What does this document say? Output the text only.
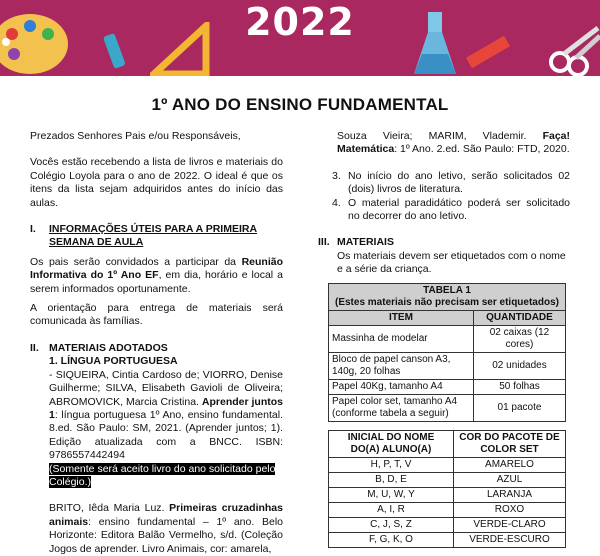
2022
1º ANO DO ENSINO FUNDAMENTAL

Prezados Senhores Pais e/ou Responsáveis,

Vocês estão recebendo a lista de livros e materiais do Colégio Loyola para o ano de 2022. O ideal é que os itens da lista sejam adquiridos antes do início das aulas.

I.	INFORMAÇÕES ÚTEIS PARA A PRIMEIRA SEMANA DE AULA

Os pais serão convidados a participar da Reunião Informativa do 1º Ano EF, em dia, horário e local a serem informados oportunamente.

A orientação para entrega de materiais será comunicada às famílias.

II. MATERIAIS ADOTADOS
1. LÍNGUA PORTUGUESA

- SIQUEIRA, Cintia Cardoso de; VIORRO, Denise Guilherme; SILVA, Elisabeth Gavioli de Oliveira; ABROMOVICK, Marcia Cristina. Aprender juntos 1: língua portuguesa 1º Ano, ensino fundamental. 8.ed. São Paulo: SM, 2021. (Aprender juntos; 1). Edição atualizada com a BNCC. ISBN: 9786557442494

(Somente será aceito livro do ano solicitado pelo Colégio.)

BRITO, Iêda Maria Luz. Primeiras cruzadinhas animais: ensino fundamental – 1º ano. Belo Horizonte: Editora Balão Vermelho, s/d. (Coleção Jogos de aprender. Livro Animais, cor: amarela,

Souza Vieira; MARIM, Vlademir. Faça! Matemática: 1º Ano. 2.ed. São Paulo: FTD, 2020.

3. No início do ano letivo, serão solicitados 02 (dois) livros de literatura.
4. O material paradidático poderá ser solicitado no decorrer do ano letivo.
III. MATERIAIS

Os materiais devem ser etiquetados com o nome e a série da criança.

TABELA 1
(Estes materiais não precisam ser etiquetados)	
ITEM	QUANTIDADE
Massinha de modelar	02 caixas (12 cores)
Bloco de papel canson A3, 140g, 20 folhas	02 unidades
Papel 40Kg, tamanho A4	50 folhas
Papel color set, tamanho A4 (conforme tabela a seguir)	01 pacote
INICIAL DO NOME DO(A) ALUNO(A)	COR DO PACOTE DE COLOR SET
H, P, T, V	AMARELO
B, D, E	AZUL
M, U, W, Y	LARANJA
A, I, R	ROXO
C, J, S, Z	VERDE-CLARO
F, G, K, O	VERDE-ESCURO
